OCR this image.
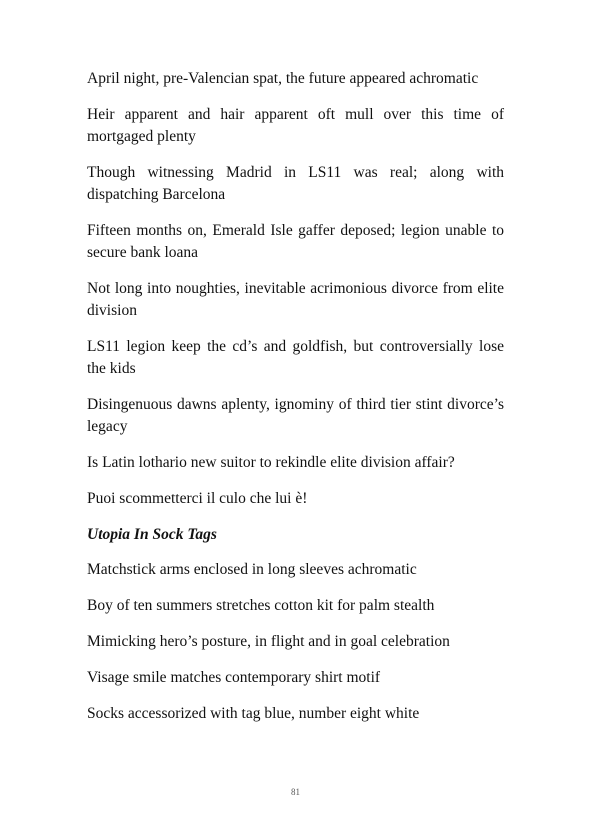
April night, pre-Valencian spat, the future appeared achromatic

Heir apparent and hair apparent oft mull over this time of mortgaged plenty

Though witnessing Madrid in LS11 was real; along with dispatching Barcelona

Fifteen months on, Emerald Isle gaffer deposed; legion unable to secure bank loana

Not long into noughties, inevitable acrimonious divorce from elite division

LS11 legion keep the cd’s and goldfish, but controversially lose the kids

Disingenuous dawns aplenty, ignominy of third tier stint divorce’s legacy

Is Latin lothario new suitor to rekindle elite division affair?

Puoi scommetterci il culo che lui è!

Utopia In Sock Tags

Matchstick arms enclosed in long sleeves achromatic

Boy of ten summers stretches cotton kit for palm stealth

Mimicking hero’s posture, in flight and in goal celebration

Visage smile matches contemporary shirt motif

Socks accessorized with tag blue, number eight white

81
